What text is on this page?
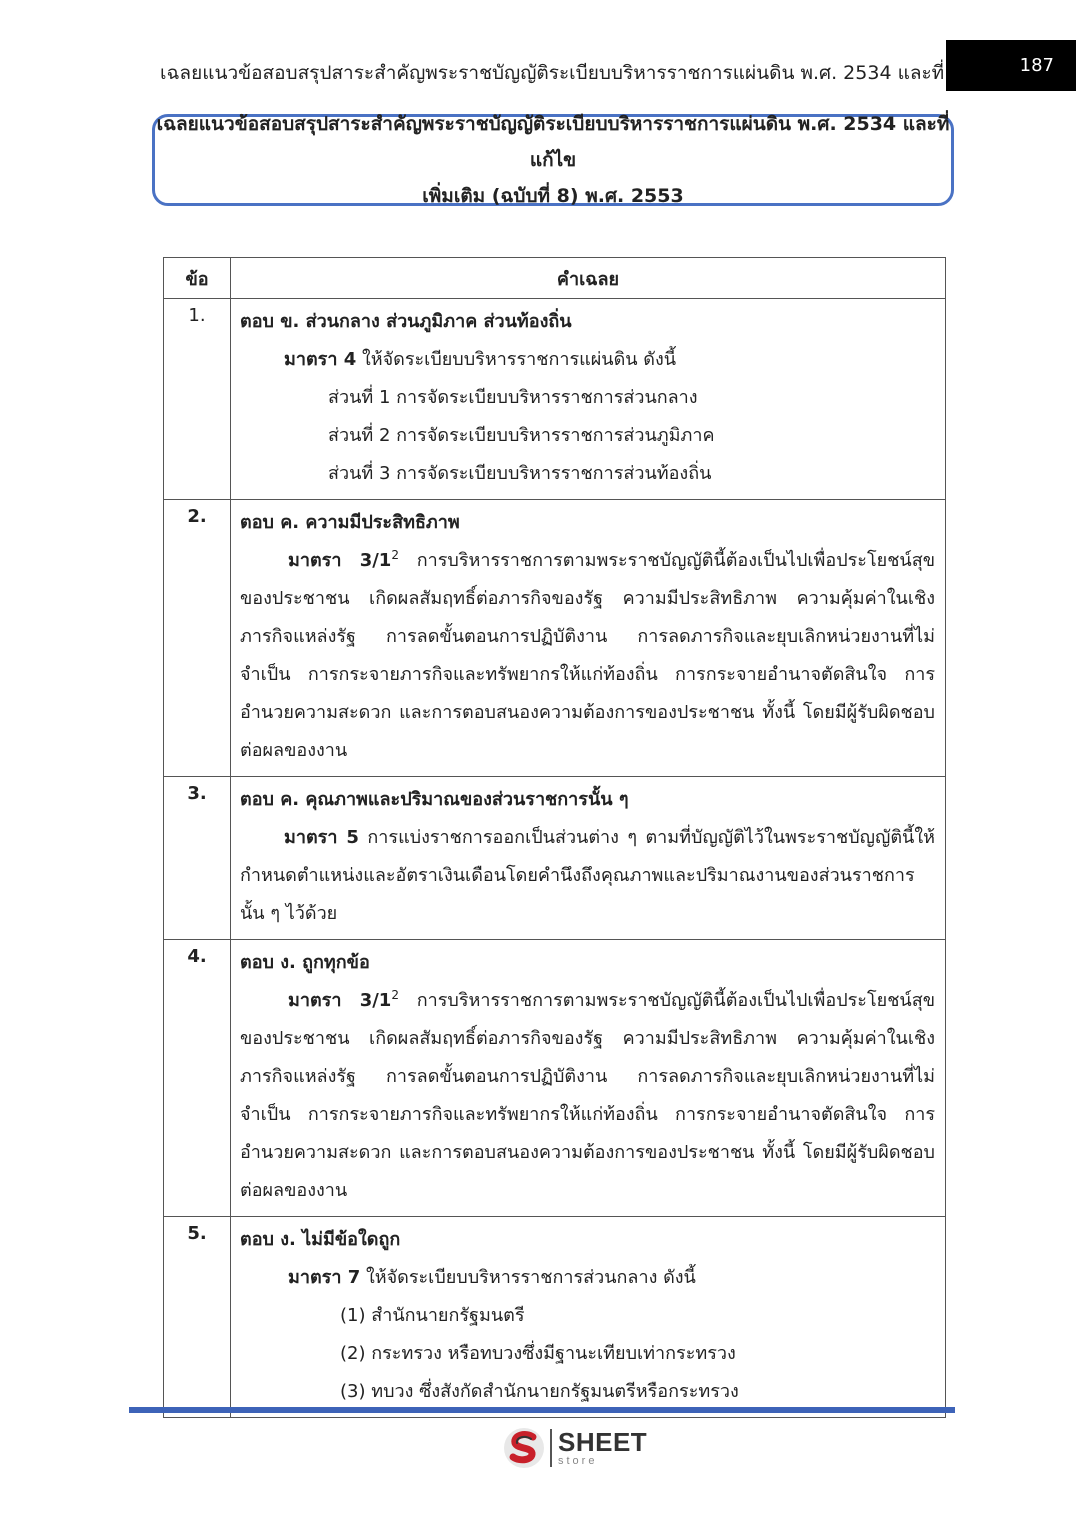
เฉลยแนวข้อสอบสรุปสาระสำคัญพระราชบัญญัติระเบียบบริหารราชการแผ่นดิน พ.ศ. 2534 และที่	187
เฉลยแนวข้อสอบสรุปสาระสำคัญพระราชบัญญัติระเบียบบริหารราชการแผ่นดิน พ.ศ. 2534 และที่แก้ไข
เพิ่มเติม (ฉบับที่ 8) พ.ศ. 2553
ข้อ	คำเฉลย
1.	ตอบ ข. ส่วนกลาง ส่วนภูมิภาค ส่วนท้องถิ่น
มาตรา 4 ให้จัดระเบียบบริหารราชการแผ่นดิน ดังนี้
ส่วนที่ 1 การจัดระเบียบบริหารราชการส่วนกลาง
ส่วนที่ 2 การจัดระเบียบบริหารราชการส่วนภูมิภาค
ส่วนที่ 3 การจัดระเบียบบริหารราชการส่วนท้องถิ่น

2.	ตอบ ค. ความมีประสิทธิภาพ
มาตรา $3/1^2$ การบริหารราชการตามพระราชบัญญัตินี้ต้องเป็นไปเพื่อประโยชน์สุขของประชาชน เกิดผลสัมฤทธิ์ต่อภารกิจของรัฐ ความมีประสิทธิภาพ ความคุ้มค่าในเชิงภารกิจแหล่งรัฐ การลดขั้นตอนการปฏิบัติงาน การลดภารกิจและยุบเลิกหน่วยงานที่ไม่จำเป็น การกระจายภารกิจและทรัพยากรให้แก่ท้องถิ่น การกระจายอำนาจตัดสินใจ การอำนวยความสะดวก และการตอบสนองความต้องการของประชาชน ทั้งนี้ โดยมีผู้รับผิดชอบต่อผลของงาน

3.	ตอบ ค. คุณภาพและปริมาณของส่วนราชการนั้น ๆ
มาตรา 5 การแบ่งราชการออกเป็นส่วนต่าง ๆ ตามที่บัญญัติไว้ในพระราชบัญญัตินี้ให้กำหนดตำแหน่งและอัตราเงินเดือนโดยคำนึงถึงคุณภาพและปริมาณงานของส่วนราชการนั้น ๆ ไว้ด้วย

4.	ตอบ ง. ถูกทุกข้อ
มาตรา $3/1^2$ การบริหารราชการตามพระราชบัญญัตินี้ต้องเป็นไปเพื่อประโยชน์สุขของประชาชน เกิดผลสัมฤทธิ์ต่อภารกิจของรัฐ ความมีประสิทธิภาพ ความคุ้มค่าในเชิงภารกิจแหล่งรัฐ การลดขั้นตอนการปฏิบัติงาน การลดภารกิจและยุบเลิกหน่วยงานที่ไม่จำเป็น การกระจายภารกิจและทรัพยากรให้แก่ท้องถิ่น การกระจายอำนาจตัดสินใจ การอำนวยความสะดวก และการตอบสนองความต้องการของประชาชน ทั้งนี้ โดยมีผู้รับผิดชอบต่อผลของงาน

5.	ตอบ ง. ไม่มีข้อใดถูก
มาตรา 7 ให้จัดระเบียบบริหารราชการส่วนกลาง ดังนี้
(1) สำนักนายกรัฐมนตรี
(2) กระทรวง หรือทบวงซึ่งมีฐานะเทียบเท่ากระทรวง
(3) ทบวง ซึ่งสังกัดสำนักนายกรัฐมนตรีหรือกระทรวง
SHEET
store
